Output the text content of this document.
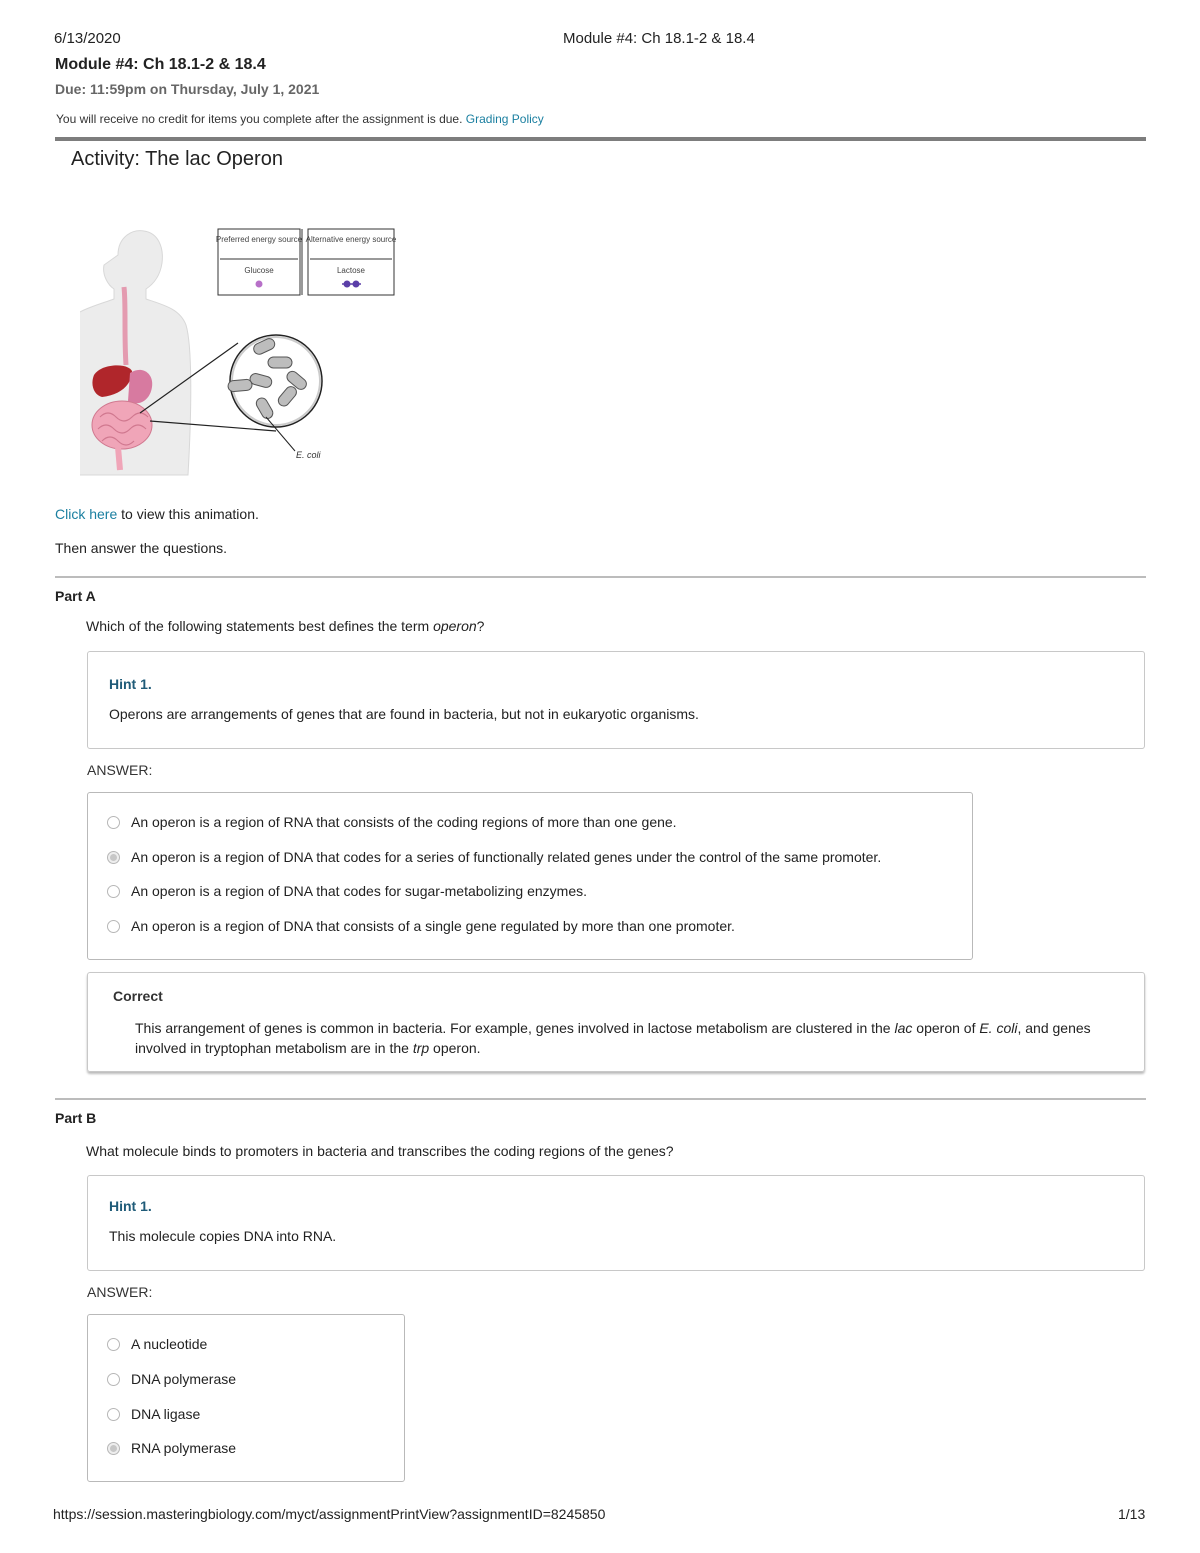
6/13/2020	Module #4: Ch 18.1-2 & 18.4
Module #4: Ch 18.1-2 & 18.4
Due: 11:59pm on Thursday, July 1, 2021
You will receive no credit for items you complete after the assignment is due. Grading Policy
Activity: The lac Operon
E. coli
Preferred energy source Alternative energy source
Glucose	Lactose
Click here to view this animation.
Then answer the questions.
Part A
Which of the following statements best defines the term operon?
Hint 1.
Operons are arrangements of genes that are found in bacteria, but not in eukaryotic organisms.
ANSWER:
An operon is a region of RNA that consists of the coding regions of more than one gene.
An operon is a region of DNA that codes for a series of functionally related genes under the control of the same promoter.
An operon is a region of DNA that codes for sugar-metabolizing enzymes.
An operon is a region of DNA that consists of a single gene regulated by more than one promoter.
Correct
This arrangement of genes is common in bacteria. For example, genes involved in lactose metabolism are clustered in the lac operon of E. coli, and genes involved in tryptophan metabolism are in the trp operon.
Part B
What molecule binds to promoters in bacteria and transcribes the coding regions of the genes?
Hint 1.
This molecule copies DNA into RNA.
ANSWER:
A nucleotide
DNA polymerase
DNA ligase
RNA polymerase
https://session.masteringbiology.com/myct/assignmentPrintView?assignmentID=8245850	1/13
